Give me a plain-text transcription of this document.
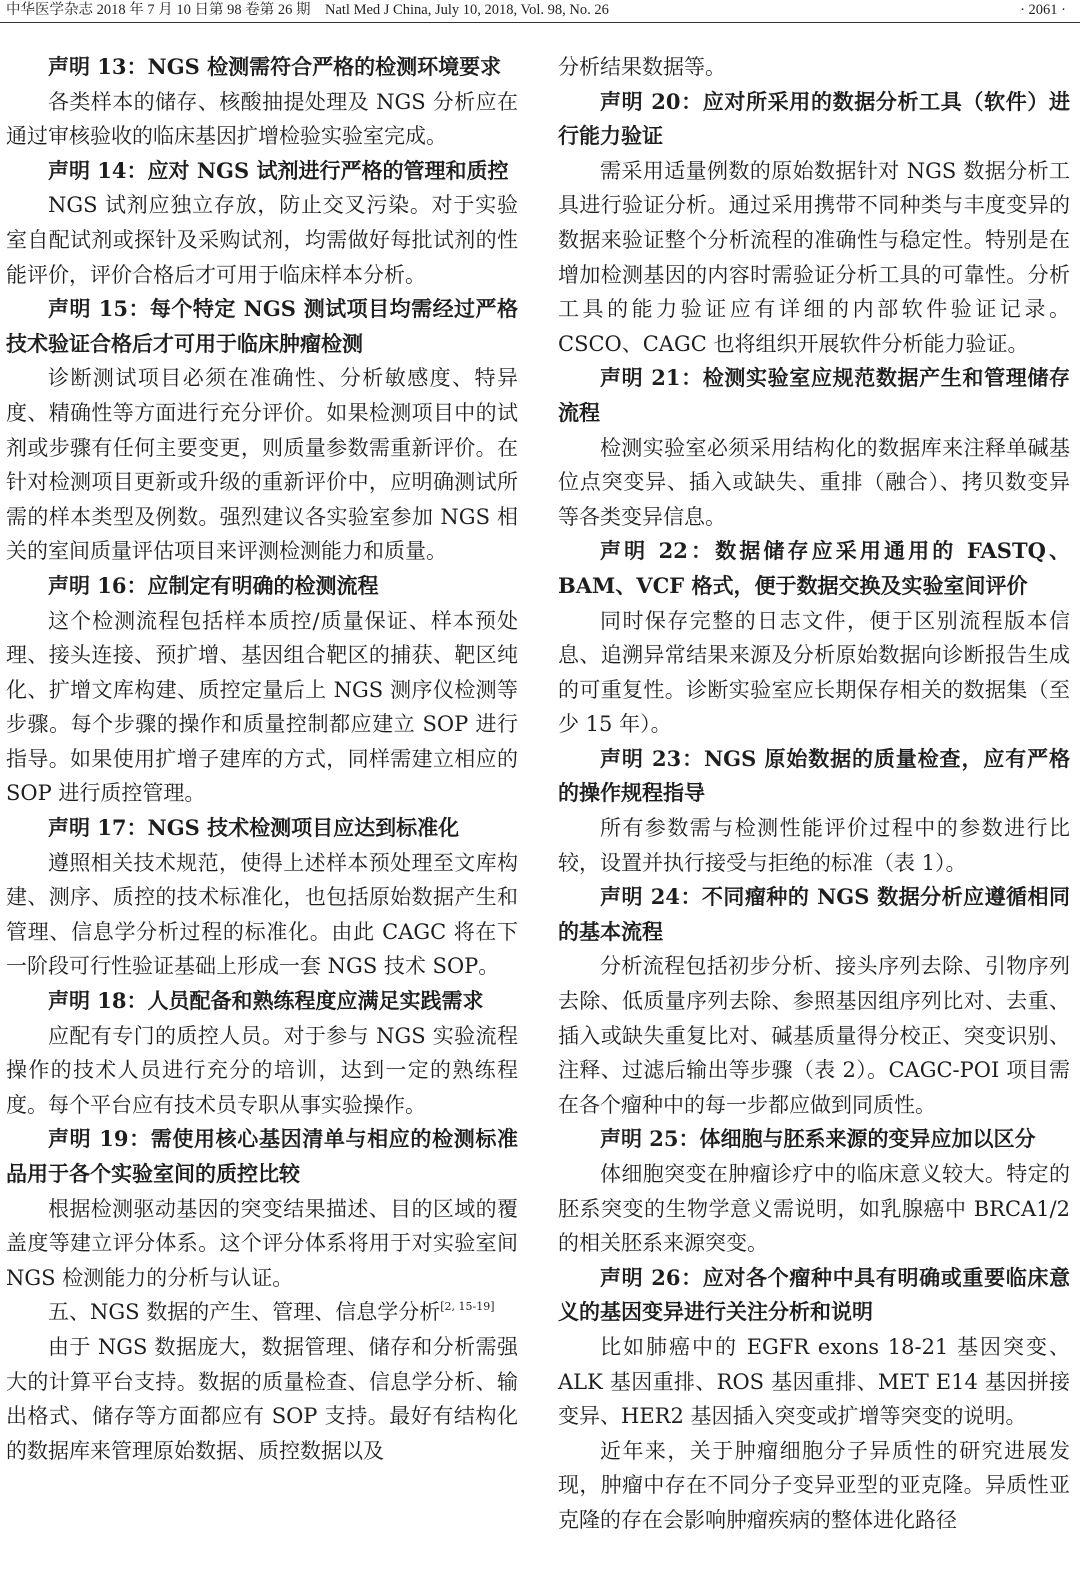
中华医学杂志 2018 年 7 月 10 日第 98 卷第 26 期　Natl Med J China, July 10, 2018, Vol. 98, No. 26	· 2061 ·

声明 13：NGS 检测需符合严格的检测环境要求

各类样本的储存、核酸抽提处理及 NGS 分析应在通过审核验收的临床基因扩增检验实验室完成。

声明 14：应对 NGS 试剂进行严格的管理和质控

NGS 试剂应独立存放，防止交叉污染。对于实验室自配试剂或探针及采购试剂，均需做好每批试剂的性能评价，评价合格后才可用于临床样本分析。

声明 15：每个特定 NGS 测试项目均需经过严格技术验证合格后才可用于临床肿瘤检测

诊断测试项目必须在准确性、分析敏感度、特异度、精确性等方面进行充分评价。如果检测项目中的试剂或步骤有任何主要变更，则质量参数需重新评价。在针对检测项目更新或升级的重新评价中，应明确测试所需的样本类型及例数。强烈建议各实验室参加 NGS 相关的室间质量评估项目来评测检测能力和质量。

声明 16：应制定有明确的检测流程

这个检测流程包括样本质控/质量保证、样本预处理、接头连接、预扩增、基因组合靶区的捕获、靶区纯化、扩增文库构建、质控定量后上 NGS 测序仪检测等步骤。每个步骤的操作和质量控制都应建立 SOP 进行指导。如果使用扩增子建库的方式，同样需建立相应的 SOP 进行质控管理。

声明 17：NGS 技术检测项目应达到标准化

遵照相关技术规范，使得上述样本预处理至文库构建、测序、质控的技术标准化，也包括原始数据产生和管理、信息学分析过程的标准化。由此 CAGC 将在下一阶段可行性验证基础上形成一套 NGS 技术 SOP。

声明 18：人员配备和熟练程度应满足实践需求

应配有专门的质控人员。对于参与 NGS 实验流程操作的技术人员进行充分的培训，达到一定的熟练程度。每个平台应有技术员专职从事实验操作。

声明 19：需使用核心基因清单与相应的检测标准品用于各个实验室间的质控比较

根据检测驱动基因的突变结果描述、目的区域的覆盖度等建立评分体系。这个评分体系将用于对实验室间 NGS 检测能力的分析与认证。

五、NGS 数据的产生、管理、信息学分析[2, 15-19]

由于 NGS 数据庞大，数据管理、储存和分析需强大的计算平台支持。数据的质量检查、信息学分析、输出格式、储存等方面都应有 SOP 支持。最好有结构化的数据库来管理原始数据、质控数据以及

分析结果数据等。

声明 20：应对所采用的数据分析工具（软件）进行能力验证

需采用适量例数的原始数据针对 NGS 数据分析工具进行验证分析。通过采用携带不同种类与丰度变异的数据来验证整个分析流程的准确性与稳定性。特别是在增加检测基因的内容时需验证分析工具的可靠性。分析工具的能力验证应有详细的内部软件验证记录。CSCO、CAGC 也将组织开展软件分析能力验证。

声明 21：检测实验室应规范数据产生和管理储存流程

检测实验室必须采用结构化的数据库来注释单碱基位点突变异、插入或缺失、重排（融合）、拷贝数变异等各类变异信息。

声明 22：数据储存应采用通用的 FASTQ、BAM、VCF 格式，便于数据交换及实验室间评价

同时保存完整的日志文件，便于区别流程版本信息、追溯异常结果来源及分析原始数据向诊断报告生成的可重复性。诊断实验室应长期保存相关的数据集（至少 15 年）。

声明 23：NGS 原始数据的质量检查，应有严格的操作规程指导

所有参数需与检测性能评价过程中的参数进行比较，设置并执行接受与拒绝的标准（表 1）。

声明 24：不同瘤种的 NGS 数据分析应遵循相同的基本流程

分析流程包括初步分析、接头序列去除、引物序列去除、低质量序列去除、参照基因组序列比对、去重、插入或缺失重复比对、碱基质量得分校正、突变识别、注释、过滤后输出等步骤（表 2）。CAGC-POI 项目需在各个瘤种中的每一步都应做到同质性。

声明 25：体细胞与胚系来源的变异应加以区分

体细胞突变在肿瘤诊疗中的临床意义较大。特定的胚系突变的生物学意义需说明，如乳腺癌中 BRCA1/2 的相关胚系来源突变。

声明 26：应对各个瘤种中具有明确或重要临床意义的基因变异进行关注分析和说明

比如肺癌中的 EGFR exons 18-21 基因突变、ALK 基因重排、ROS 基因重排、MET E14 基因拼接变异、HER2 基因插入突变或扩增等突变的说明。

近年来，关于肿瘤细胞分子异质性的研究进展发现，肿瘤中存在不同分子变异亚型的亚克隆。异质性亚克隆的存在会影响肿瘤疾病的整体进化路径
